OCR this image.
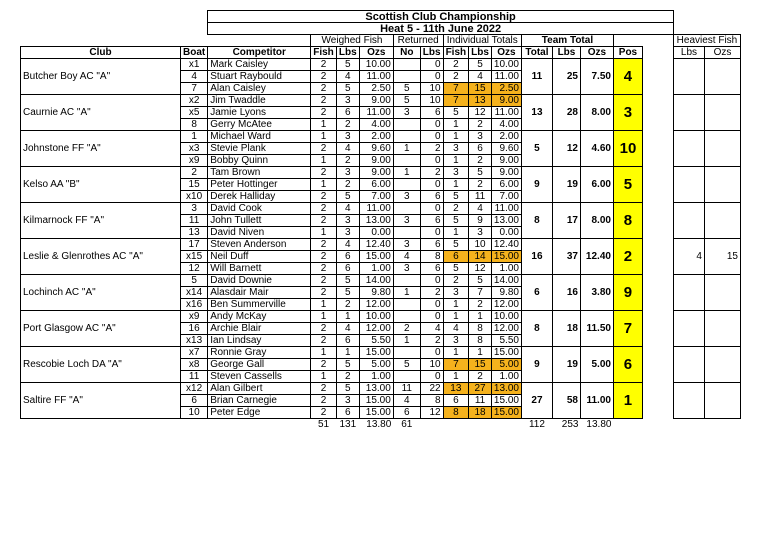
		Scottish Club Championship															
		Heat 5 - 11th June 2022															
			Weighed Fish			Returned		Individual Totals			Team Total					Heaviest Fish	
Club	Boat	Competitor	Fish	Lbs	Ozs	No	Lbs	Fish	Lbs	Ozs	Total	Lbs	Ozs	Pos		Lbs	Ozs
Butcher Boy AC "A"	x1	Mark Caisley	2	5	10.00		0	2	5	10.00	11	25	7.50	4			
	4	Stuart Raybould	2	4	11.00		0	2	4	11.00							
	7	Alan Caisley	2	5	2.50	5	10	7	15	2.50							
Caurnie AC "A"	x2	Jim Twaddle	2	3	9.00	5	10	7	13	9.00	13	28	8.00	3			
	x5	Jamie Lyons	2	6	11.00	3	6	5	12	11.00							
	8	Gerry McAtee	1	2	4.00		0	1	2	4.00							
Johnstone FF "A"	1	Michael Ward	1	3	2.00		0	1	3	2.00	5	12	4.60	10			
	x3	Stevie Plank	2	4	9.60	1	2	3	6	9.60							
	x9	Bobby Quinn	1	2	9.00		0	1	2	9.00							
Kelso AA "B"	2	Tam Brown	2	3	9.00	1	2	3	5	9.00	9	19	6.00	5			
	15	Peter Hottinger	1	2	6.00		0	1	2	6.00							
	x10	Derek Halliday	2	5	7.00	3	6	5	11	7.00							
Kilmarnock FF "A"	3	David Cook	2	4	11.00		0	2	4	11.00	8	17	8.00	8			
	11	John Tullett	2	3	13.00	3	6	5	9	13.00							
	13	David Niven	1	3	0.00		0	1	3	0.00							
Leslie & Glenrothes AC "A"	17	Steven Anderson	2	4	12.40	3	6	5	10	12.40	16	37	12.40	2		4	15
	x15	Neil Duff	2	6	15.00	4	8	6	14	15.00							
	12	Will Barnett	2	6	1.00	3	6	5	12	1.00							
Lochinch AC "A"	5	David Downie	2	5	14.00		0	2	5	14.00	6	16	3.80	9			
	x14	Alasdair Mair	2	5	9.80	1	2	3	7	9.80							
	x16	Ben Summerville	1	2	12.00		0	1	2	12.00							
Port Glasgow AC "A"	x9	Andy McKay	1	1	10.00		0	1	1	10.00	8	18	11.50	7			
	16	Archie Blair	2	4	12.00	2	4	4	8	12.00							
	x13	Ian Lindsay	2	6	5.50	1	2	3	8	5.50							
Rescobie Loch DA "A"	x7	Ronnie Gray	1	1	15.00		0	1	1	15.00	9	19	5.00	6			
	x8	George Gall	2	5	5.00	5	10	7	15	5.00							
	11	Steven Cassells	1	2	1.00		0	1	2	1.00							
Saltire FF "A"	x12	Alan Gilbert	2	5	13.00	11	22	13	27	13.00	27	58	11.00	1			
	6	Brian Carnegie	2	3	15.00	4	8	6	11	15.00							
	10	Peter Edge	2	6	15.00	6	12	8	18	15.00							
			51	131	13.80	61					112	253	13.80				
